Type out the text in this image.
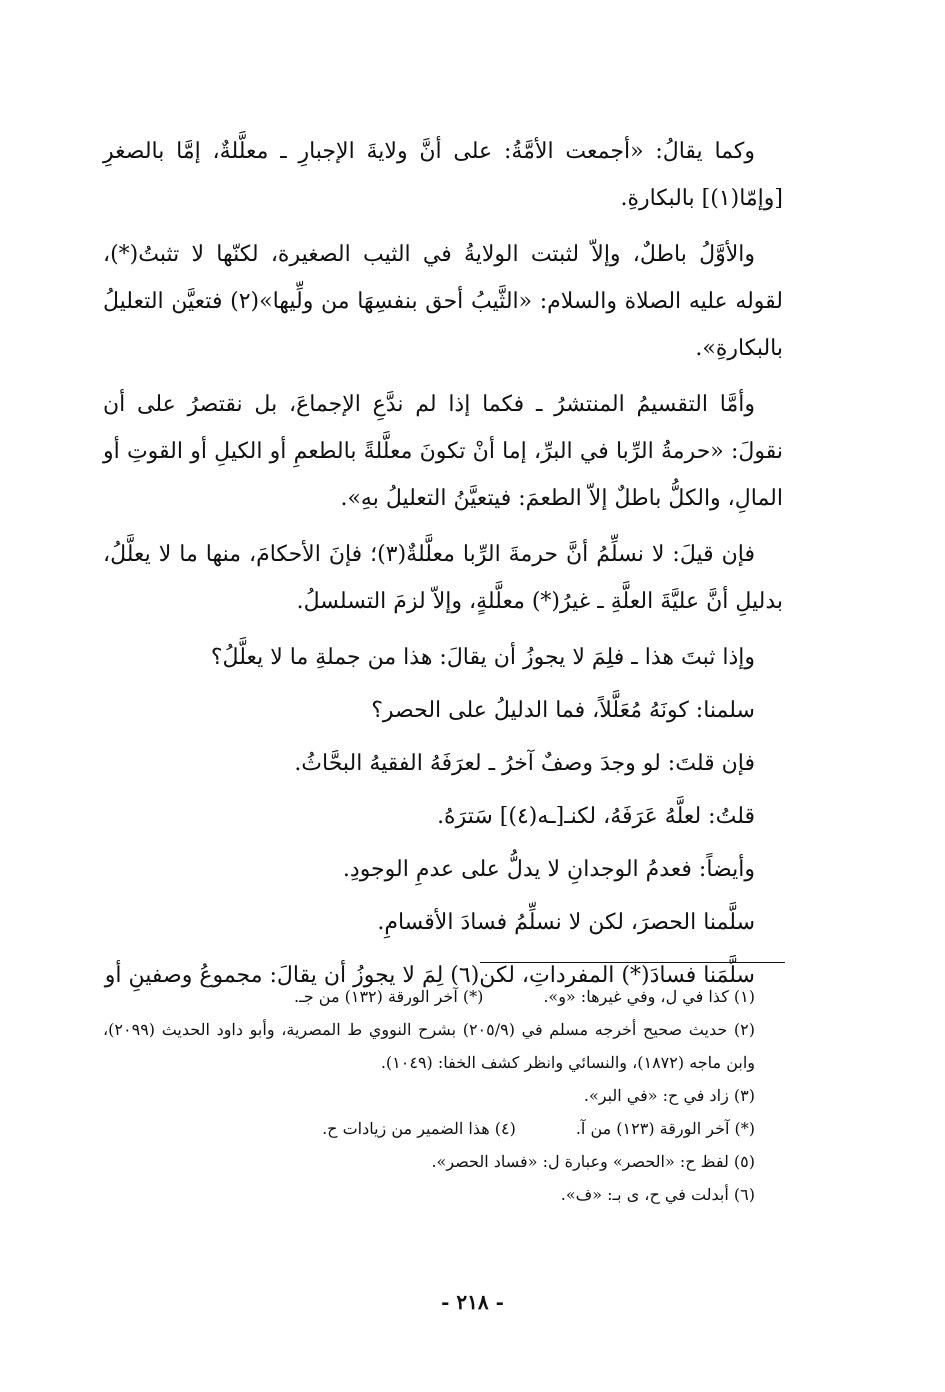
وكما يقالُ: «أجمعت الأمَّةُ: على أنَّ ولايةَ الإجبارِ ـ معلَّلةٌ، إمَّا بالصغرِ [وإمّا(١)] بالبكارةِ.

والأوَّلُ باطلٌ، وإلاّ لثبتت الولايةُ في الثيب الصغيرة، لكنّها لا تثبتُ(*)، لقوله عليه الصلاة والسلام: «الثَّيبُ أحق بنفسِهَا من ولِّيها»(٢) فتعيَّن التعليلُ بالبكارةِ».

وأمَّا التقسيمُ المنتشرُ ـ فكما إذا لم ندَّعِ الإجماعَ، بل نقتصرُ على أن نقولَ: «حرمةُ الرِّبا في البرِّ، إما أنْ تكونَ معلَّلةً بالطعمِ أو الكيلِ أو القوتِ أو المالِ، والكلُّ باطلٌ إلاّ الطعمَ: فيتعيَّنُ التعليلُ بهِ».

فإن قيلَ: لا نسلِّمُ أنَّ حرمةَ الرِّبا معلَّلةٌ(٣)؛ فإنَ الأحكامَ، منها ما لا يعلَّلُ، بدليلِ أنَّ عليَّةَ العلَّةِ ـ غيرُ(*) معلَّلةٍ، وإلاّ لزمَ التسلسلُ.

وإذا ثبتَ هذا ـ فلِمَ لا يجوزُ أن يقالَ: هذا من جملةِ ما لا يعلَّلُ؟

سلمنا: كونَهُ مُعَلَّلاً، فما الدليلُ على الحصر؟

فإن قلتَ: لو وجدَ وصفٌ آخرُ ـ لعرَفَهُ الفقيهُ البحَّاثُ.

قلتُ: لعلَّهُ عَرَفَهُ، لكنـ[ـه(٤)] سَترَهُ.

وأيضاً: فعدمُ الوجدانِ لا يدلُّ على عدمِ الوجودِ.

سلَّمنا الحصرَ، لكن لا نسلِّمُ فسادَ الأقسامِ.

سلَّمَنا فسادَ(*) المفرداتِ، لكن(٦) لِمَ لا يجوزُ أن يقالَ: مجموعُ وصفينِ أو

(١) كذا في ل، وفي غيرها: «و».(*) آخر الورقة (١٣٢) من جـ.

(٢) حديث صحيح أخرجه مسلم في (٢٠٥/٩) بشرح النووي ط المصرية، وأبو داود الحديث (٢٠٩٩)، وابن ماجه (١٨٧٢)، والنسائي وانظر كشف الخفا: (١٠٤٩).

(٣) زاد في ح: «في البر».

(*) آخر الورقة (١٢٣) من آ.(٤) هذا الضمير من زيادات ح.

(٥) لفظ ح: «الحصر» وعبارة ل: «فساد الحصر».

(٦) أبدلت في ح، ى بـ: «ف».

- ٢١٨ -
